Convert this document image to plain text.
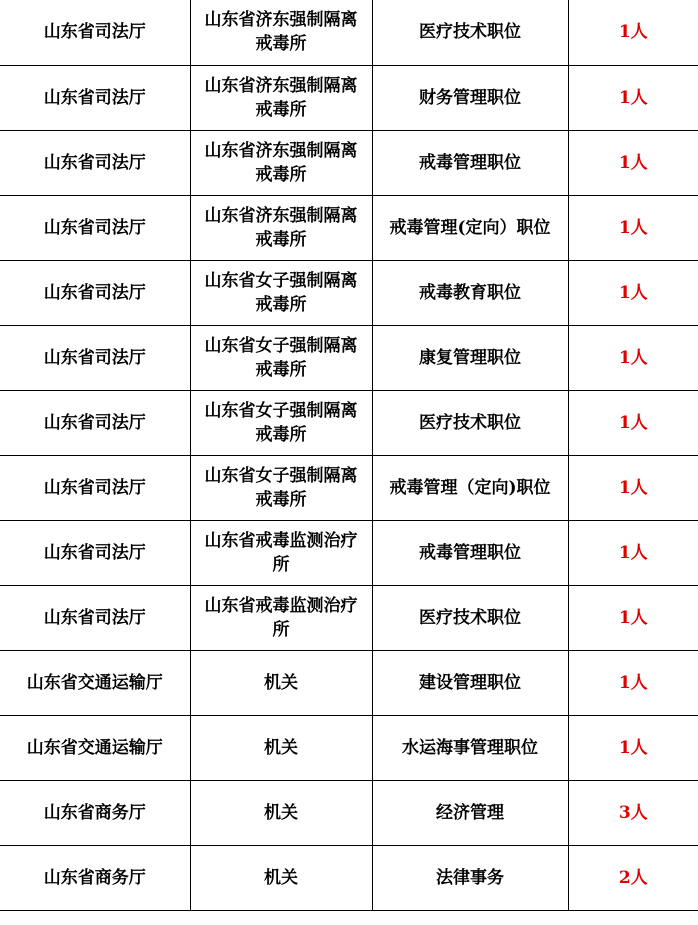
山东省司法厅	山东省济东强制隔离戒毒所	医疗技术职位	1人
山东省司法厅	山东省济东强制隔离戒毒所	财务管理职位	1人
山东省司法厅	山东省济东强制隔离戒毒所	戒毒管理职位	1人
山东省司法厅	山东省济东强制隔离戒毒所	戒毒管理(定向）职位	1人
山东省司法厅	山东省女子强制隔离戒毒所	戒毒教育职位	1人
山东省司法厅	山东省女子强制隔离戒毒所	康复管理职位	1人
山东省司法厅	山东省女子强制隔离戒毒所	医疗技术职位	1人
山东省司法厅	山东省女子强制隔离戒毒所	戒毒管理（定向)职位	1人
山东省司法厅	山东省戒毒监测治疗所	戒毒管理职位	1人
山东省司法厅	山东省戒毒监测治疗所	医疗技术职位	1人
山东省交通运输厅	机关	建设管理职位	1人
山东省交通运输厅	机关	水运海事管理职位	1人
山东省商务厅	机关	经济管理	3人
山东省商务厅	机关	法律事务	2人
